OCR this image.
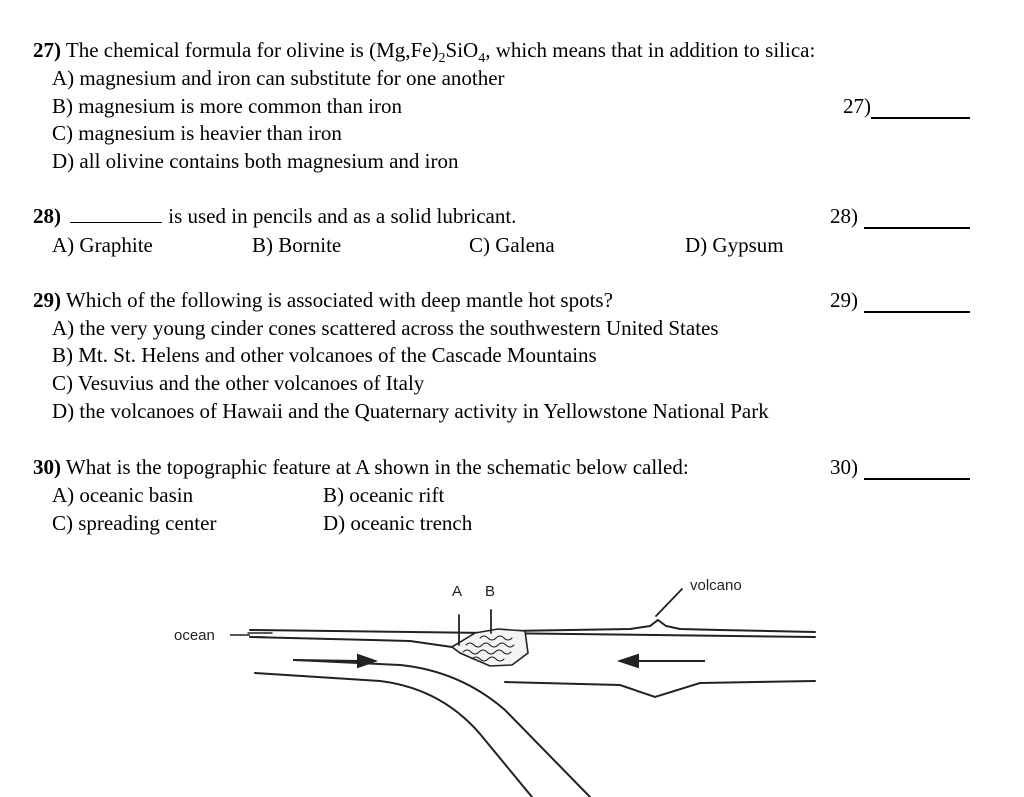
27) The chemical formula for olivine is $(Mg,Fe)_2SiO_4$, which means that in addition to silica:
A) magnesium and iron can substitute for one another
B) magnesium is more common than iron
C) magnesium is heavier than iron
D) all olivine contains both magnesium and iron
27)
28)	is used in pencils and as a solid lubricant.
A) Graphite	B) Bornite	C) Galena	D) Gypsum
28)
29) Which of the following is associated with deep mantle hot spots?
A) the very young cinder cones scattered across the southwestern United States
B) Mt. St. Helens and other volcanoes of the Cascade Mountains
C) Vesuvius and the other volcanoes of Italy
D) the volcanoes of Hawaii and the Quaternary activity in Yellowstone National Park
29)
30) What is the topographic feature at A shown in the schematic below called:
A) oceanic basin	B) oceanic rift
C) spreading center	D) oceanic trench
30)
A B	volcano
ocean
